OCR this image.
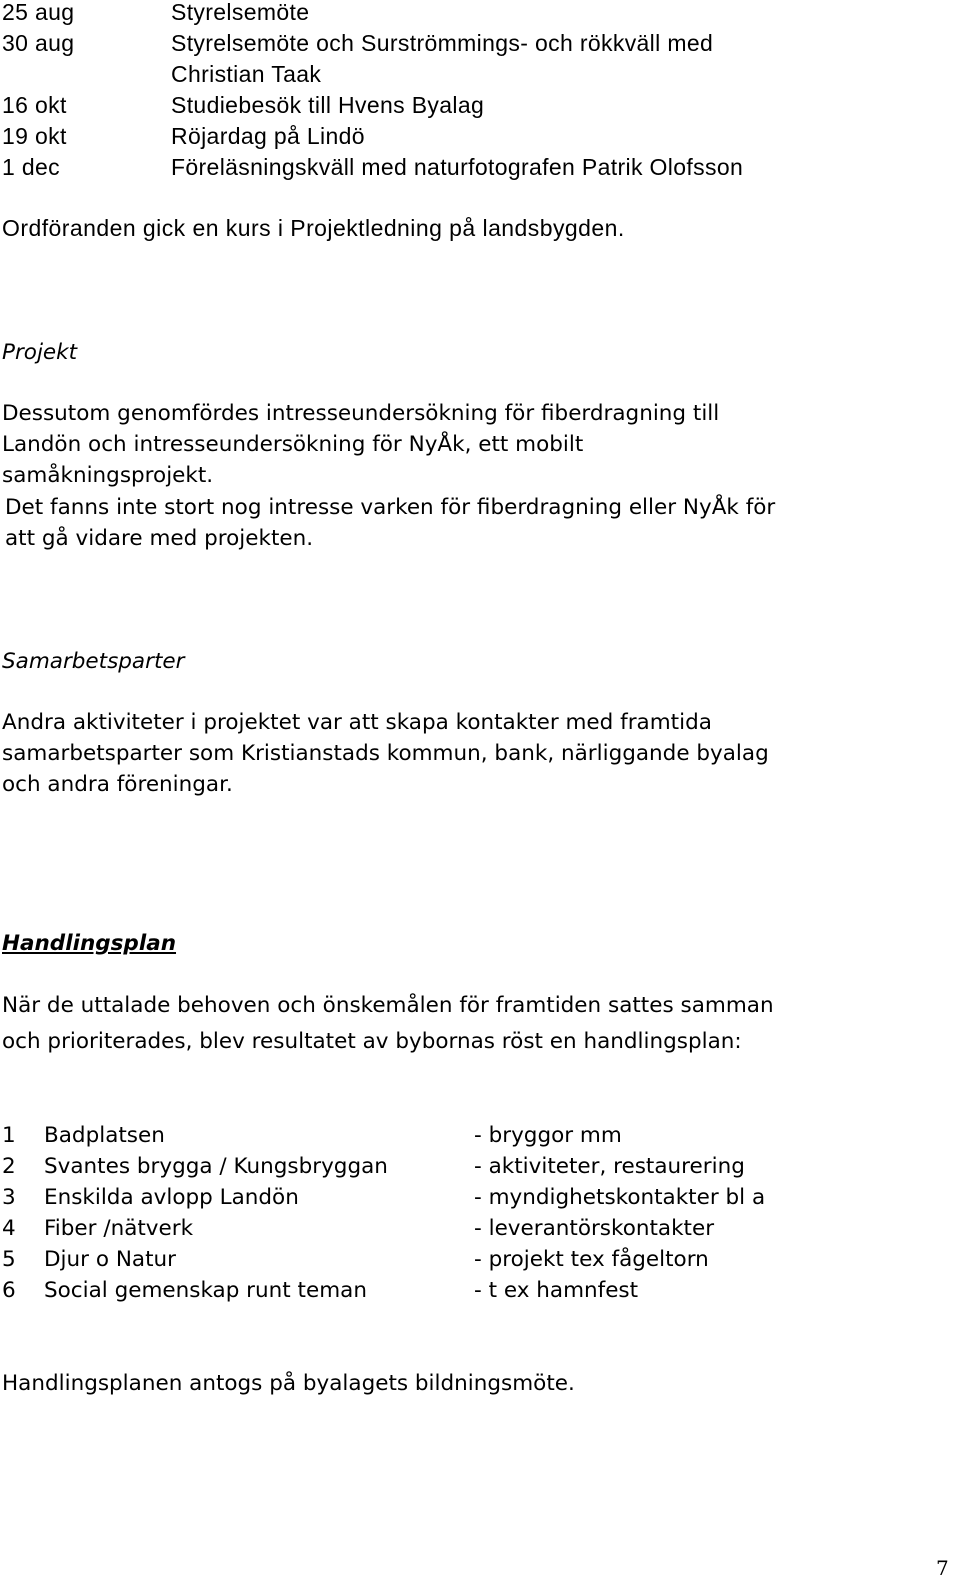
25 aug	Styrelsemöte
30 aug	Styrelsemöte och Surströmmings- och rökkväll med
Christian Taak
16 okt	Studiebesök till Hvens Byalag
19 okt	Röjardag på Lindö
1 dec	Föreläsningskväll med naturfotografen Patrik Olofsson
Ordföranden gick en kurs i Projektledning på landsbygden.
Projekt
Dessutom genomfördes intresseundersökning för fiberdragning till
Landön och intresseundersökning för NyÅk, ett mobilt
samåkningsprojekt.
Det fanns inte stort nog intresse varken för fiberdragning eller NyÅk för
att gå vidare med projekten.
Samarbetsparter
Andra aktiviteter i projektet var att skapa kontakter med framtida
samarbetsparter som Kristianstads kommun, bank, närliggande byalag
och andra föreningar.
Handlingsplan
När de uttalade behoven och önskemålen för framtiden sattes samman
och prioriterades, blev resultatet av bybornas röst en handlingsplan:
1 Badplatsen	- bryggor mm
2 Svantes brygga / Kungsbryggan	- aktiviteter, restaurering
3 Enskilda avlopp Landön	- myndighetskontakter bl a
4 Fiber /nätverk	- leverantörskontakter
5 Djur o Natur	- projekt tex fågeltorn
6 Social gemenskap runt teman	- t ex hamnfest
Handlingsplanen antogs på byalagets bildningsmöte.
7
